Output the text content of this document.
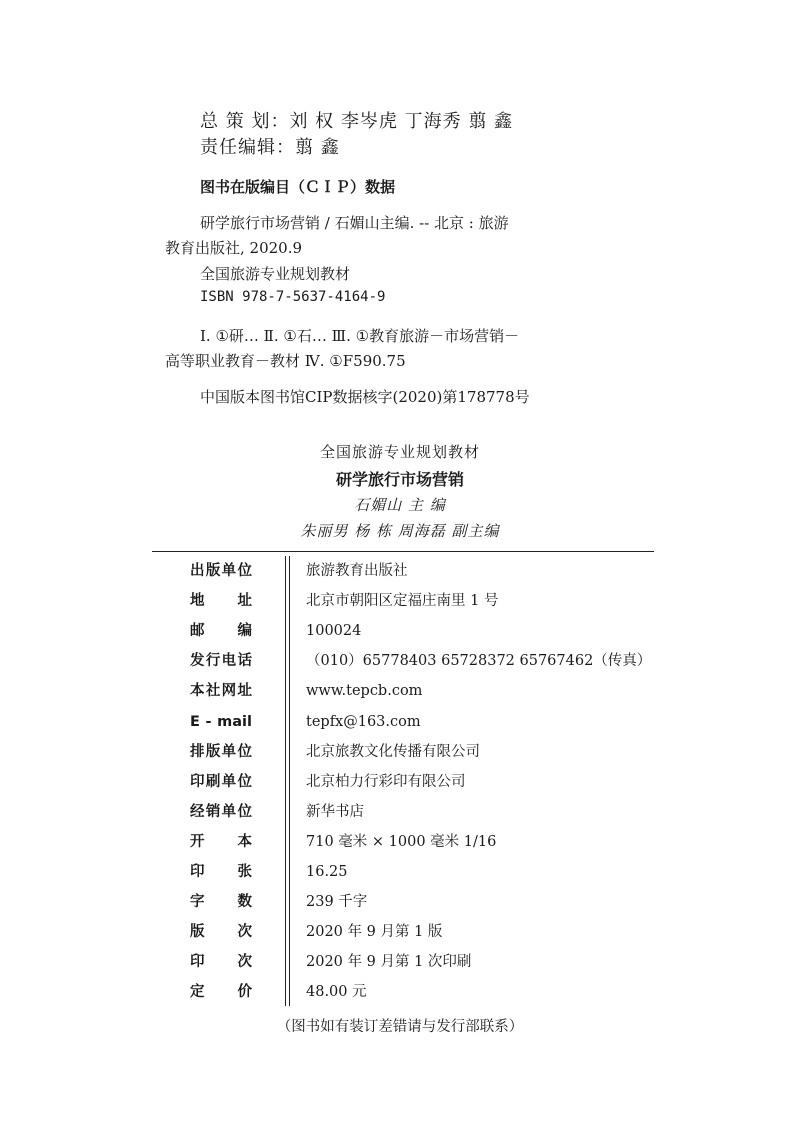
总 策 划：刘 权 李岑虎 丁海秀 翦 鑫
责任编辑：翦 鑫
图书在版编目（ＣＩＰ）数据
研学旅行市场营销 / 石媚山主编. -- 北京 : 旅游
教育出版社, 2020.9
全国旅游专业规划教材
ISBN 978-7-5637-4164-9
Ⅰ. ①研… Ⅱ. ①石… Ⅲ. ①教育旅游－市场营销－
高等职业教育－教材 Ⅳ. ①F590.75
中国版本图书馆CIP数据核字(2020)第178778号
全国旅游专业规划教材
研学旅行市场营销
石媚山 主 编
朱丽男 杨 栋 周海磊 副主编
出版单位	旅游教育出版社
地址	北京市朝阳区定福庄南里 1 号
邮编	100024
发行电话	（010）65778403 65728372 65767462（传真）
本社网址	www.tepcb.com
E - mail	tepfx@163.com
排版单位	北京旅教文化传播有限公司
印刷单位	北京柏力行彩印有限公司
经销单位	新华书店
开本	710 毫米 × 1000 毫米 1/16
印张	16.25
字数	239 千字
版次	2020 年 9 月第 1 版
印次	2020 年 9 月第 1 次印刷
定价	48.00 元
（图书如有装订差错请与发行部联系）
